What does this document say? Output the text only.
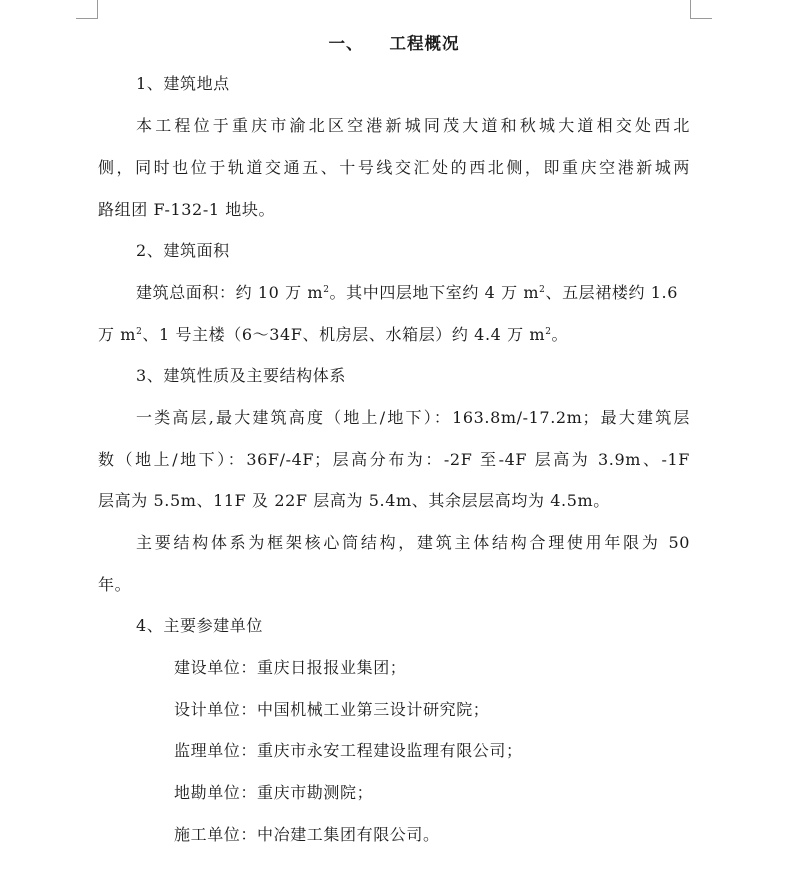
一、 工程概况
1、建筑地点
本工程位于重庆市渝北区空港新城同茂大道和秋城大道相交处西北
侧，同时也位于轨道交通五、十号线交汇处的西北侧，即重庆空港新城两
路组团 F-132-1 地块。
2、建筑面积
建筑总面积：约 10 万 $m^2$。其中四层地下室约 4 万 $m^2$、五层裙楼约 1.6
万 $m^2$、1 号主楼（6～34F、机房层、水箱层）约 4.4 万 $m^2$。
3、建筑性质及主要结构体系
一类高层,最大建筑高度（地上/地下）：163.8m/-17.2m；最大建筑层
数（地上/地下）：36F/-4F；层高分布为：-2F 至-4F 层高为 3.9m、-1F
层高为 5.5m、11F 及 22F 层高为 5.4m、其余层层高均为 4.5m。
主要结构体系为框架核心筒结构，建筑主体结构合理使用年限为 50
年。
4、主要参建单位
建设单位：重庆日报报业集团；
设计单位：中国机械工业第三设计研究院；
监理单位：重庆市永安工程建设监理有限公司；
地勘单位：重庆市勘测院；
施工单位：中冶建工集团有限公司。
